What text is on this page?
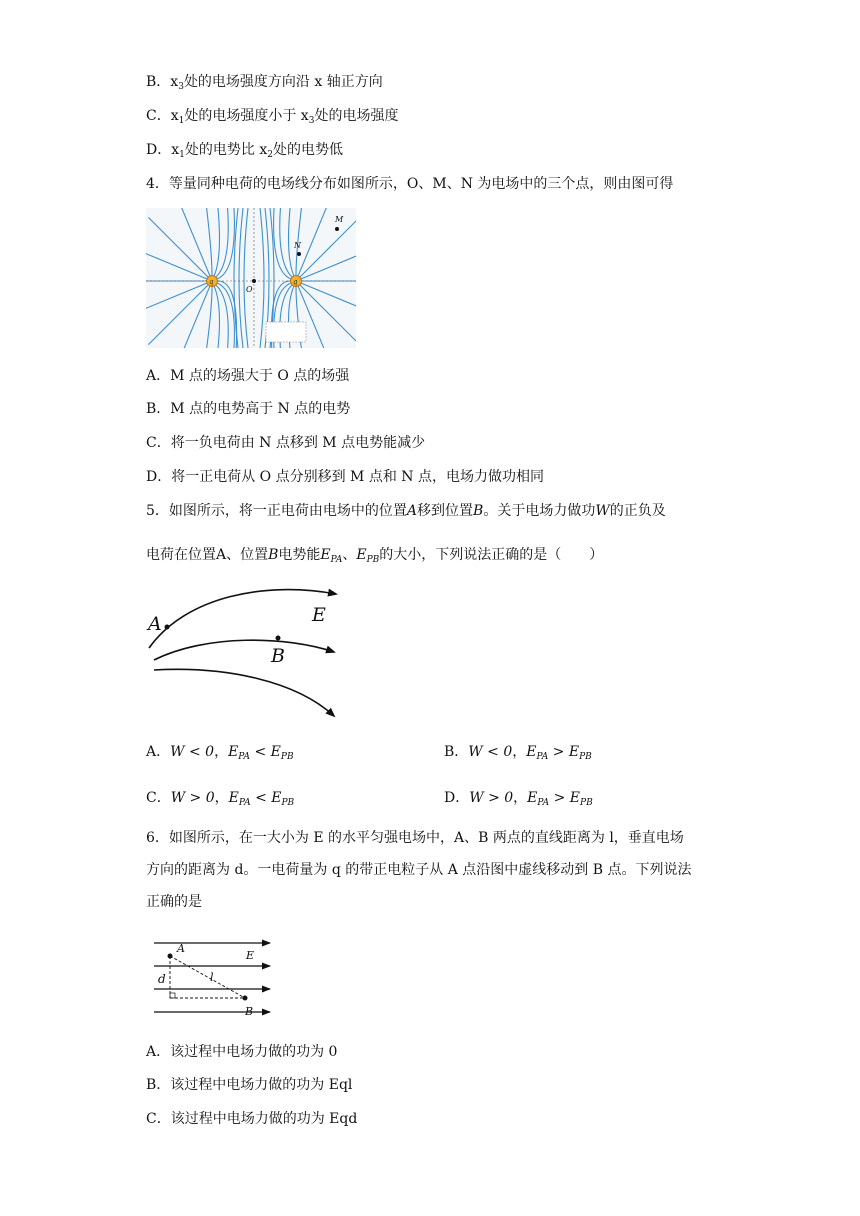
B．$x_3$处的电场强度方向沿 x 轴正方向
C．$x_1$处的电场强度小于 $x_3$处的电场强度
D．$x_1$处的电势比 $x_2$处的电势低
4．等量同种电荷的电场线分布如图所示，O、M、N 为电场中的三个点，则由图可得
q	q
O
M
N
A．M 点的场强大于 O 点的场强
B．M 点的电势高于 N 点的电势
C．将一负电荷由 N 点移到 M 点电势能减少
D．将一正电荷从 O 点分别移到 M 点和 N 点，电场力做功相同
5．如图所示，将一正电荷由电场中的位置A移到位置B。关于电场力做功W的正负及
电荷在位置A、位置B电势能$E_{PA}$、$E_{PB}$的大小，下列说法正确的是（　　）
A
B
E
A．W < 0，$E_{PA} < E_{PB}$	B．W < 0，$E_{PA} > E_{PB}$
C．W > 0，$E_{PA} < E_{PB}$	D．W > 0，$E_{PA} > E_{PB}$
6．如图所示，在一大小为 E 的水平匀强电场中，A、B 两点的直线距离为 l，垂直电场
方向的距离为 d。一电荷量为 q 的带正电粒子从 A 点沿图中虚线移动到 B 点。下列说法
正确的是
A
B
E
d	l
A．该过程中电场力做的功为 0
B．该过程中电场力做的功为 Eql
C．该过程中电场力做的功为 Eqd
